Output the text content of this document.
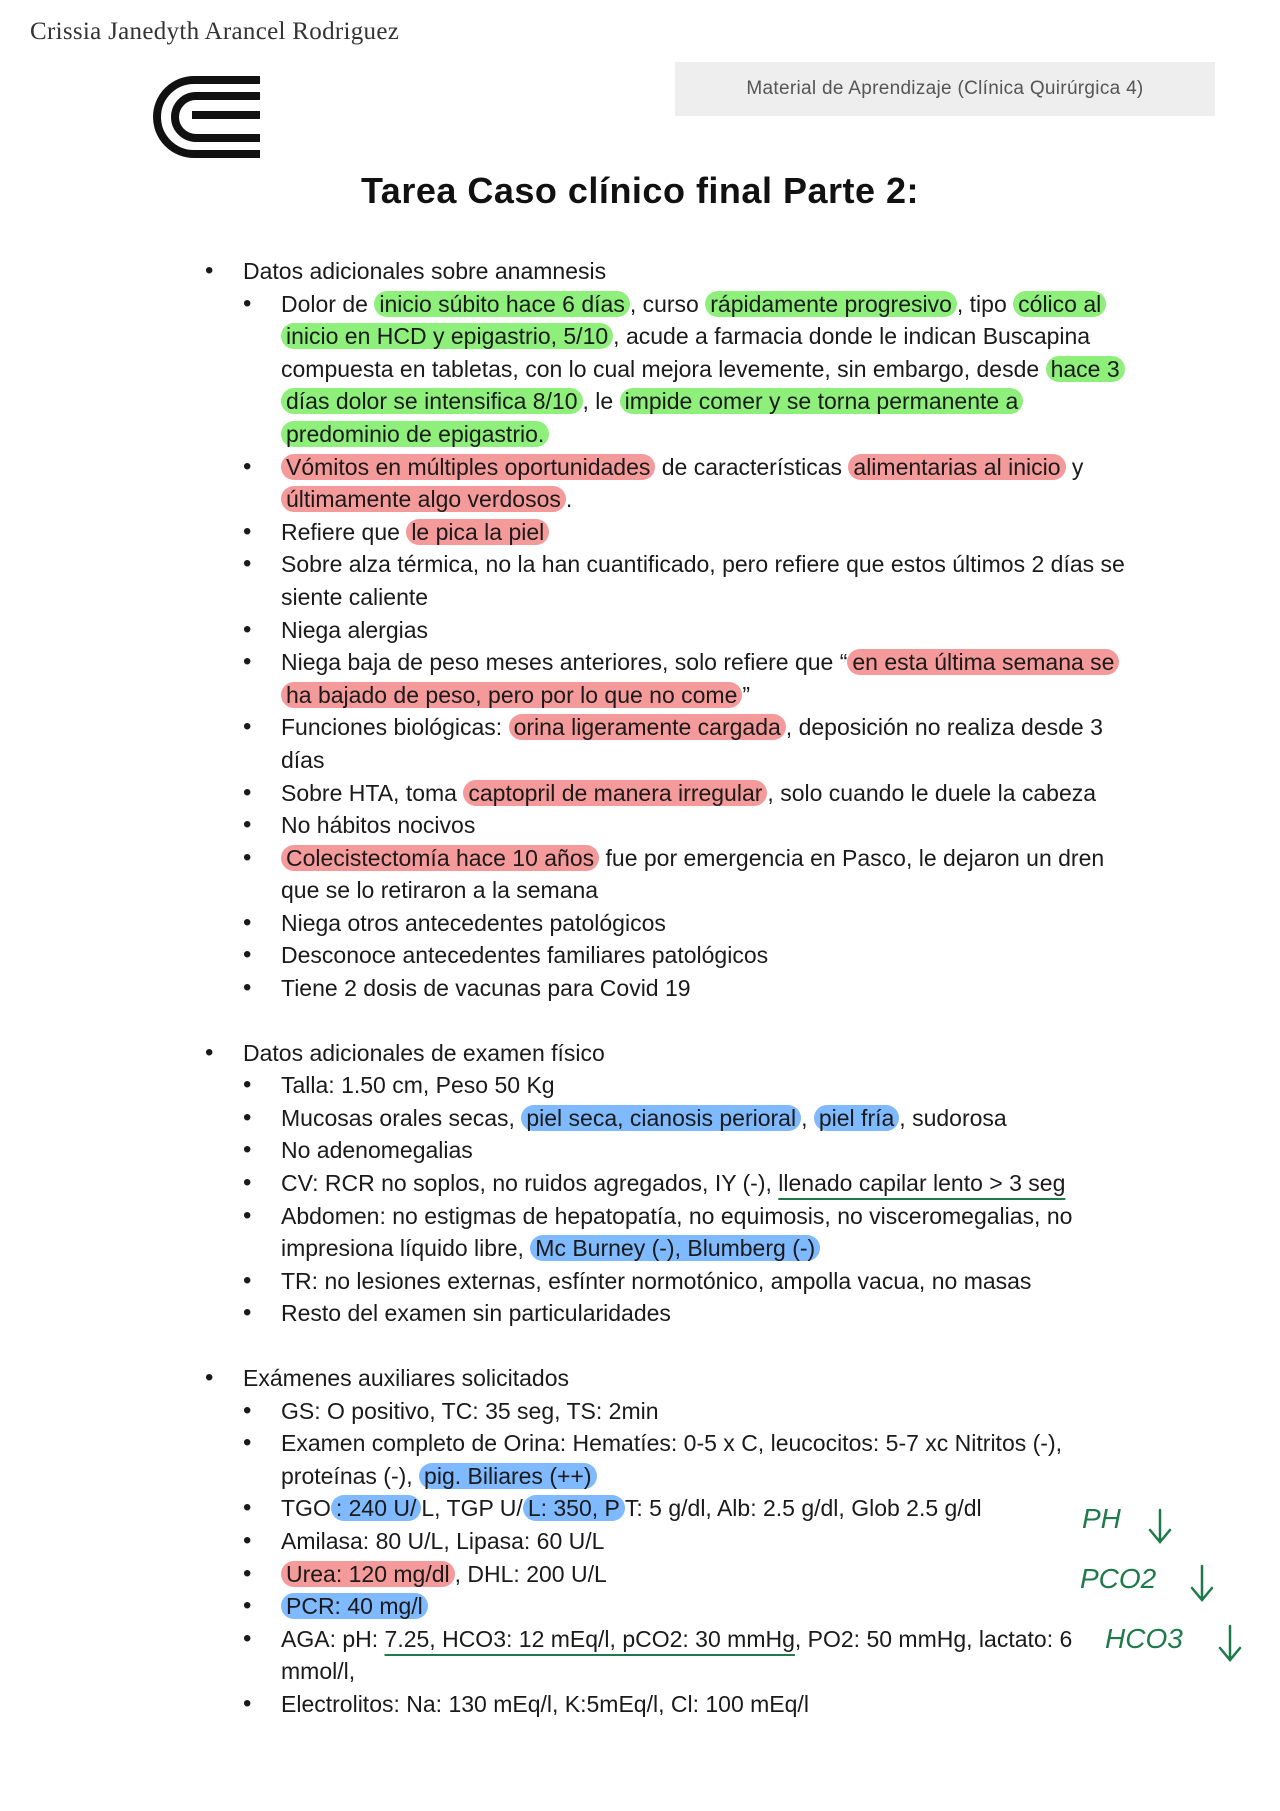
Crissia Janedyth Arancel Rodriguez
Material de Aprendizaje (Clínica Quirúrgica 4)
Tarea Caso clínico final Parte 2:
• Datos adicionales sobre anamnesis
• Dolor de inicio súbito hace 6 días , curso rápidamente progresivo , tipo cólico al inicio en HCD y epigastrio, 5/10 , acude a farmacia donde le indican Buscapina compuesta en tabletas, con lo cual mejora levemente, sin embargo, desde hace 3 días dolor se intensifica 8/10 , le impide comer y se torna permanente a predominio de epigastrio.
• Vómitos en múltiples oportunidades de características alimentarias al inicio y últimamente algo verdosos .
• Refiere que le pica la piel
• Sobre alza térmica, no la han cuantificado, pero refiere que estos últimos 2 días se siente caliente
• Niega alergias
• Niega baja de peso meses anteriores, solo refiere que “ en esta última semana se ha bajado de peso, pero por lo que no come ”
• Funciones biológicas: orina ligeramente cargada , deposición no realiza desde 3 días
• Sobre HTA, toma captopril de manera irregular , solo cuando le duele la cabeza
• No hábitos nocivos
• Colecistectomía hace 10 años fue por emergencia en Pasco, le dejaron un dren que se lo retiraron a la semana
• Niega otros antecedentes patológicos
• Desconoce antecedentes familiares patológicos
• Tiene 2 dosis de vacunas para Covid 19
• Datos adicionales de examen físico
• Talla: 1.50 cm, Peso 50 Kg
• Mucosas orales secas, piel seca, cianosis perioral , piel fría , sudorosa
• No adenomegalias
• CV: RCR no soplos, no ruidos agregados, IY (-), llenado capilar lento > 3 seg
• Abdomen: no estigmas de hepatopatía, no equimosis, no visceromegalias, no impresiona líquido libre, Mc Burney (-), Blumberg (-)
• TR: no lesiones externas, esfínter normotónico, ampolla vacua, no masas
• Resto del examen sin particularidades
• Exámenes auxiliares solicitados
• GS: O positivo, TC: 35 seg, TS: 2min
• Examen completo de Orina: Hematíes: 0-5 x C, leucocitos: 5-7 xc Nitritos (-), proteínas (-), pig. Biliares (++)
• TGO : 240 U/ L, TGP U/ L: 350, P T: 5 g/dl, Alb: 2.5 g/dl, Glob 2.5 g/dl
• Amilasa: 80 U/L, Lipasa: 60 U/L
• Urea: 120 mg/dl , DHL: 200 U/L
• PCR: 40 mg/l
• AGA: pH: 7.25, HCO3: 12 mEq/l, pCO2: 30 mmHg, PO2: 50 mmHg, lactato: 6 mmol/l,
• Electrolitos: Na: 130 mEq/l, K:5mEq/l, Cl: 100 mEq/l
PH
PCO2
HCO3
